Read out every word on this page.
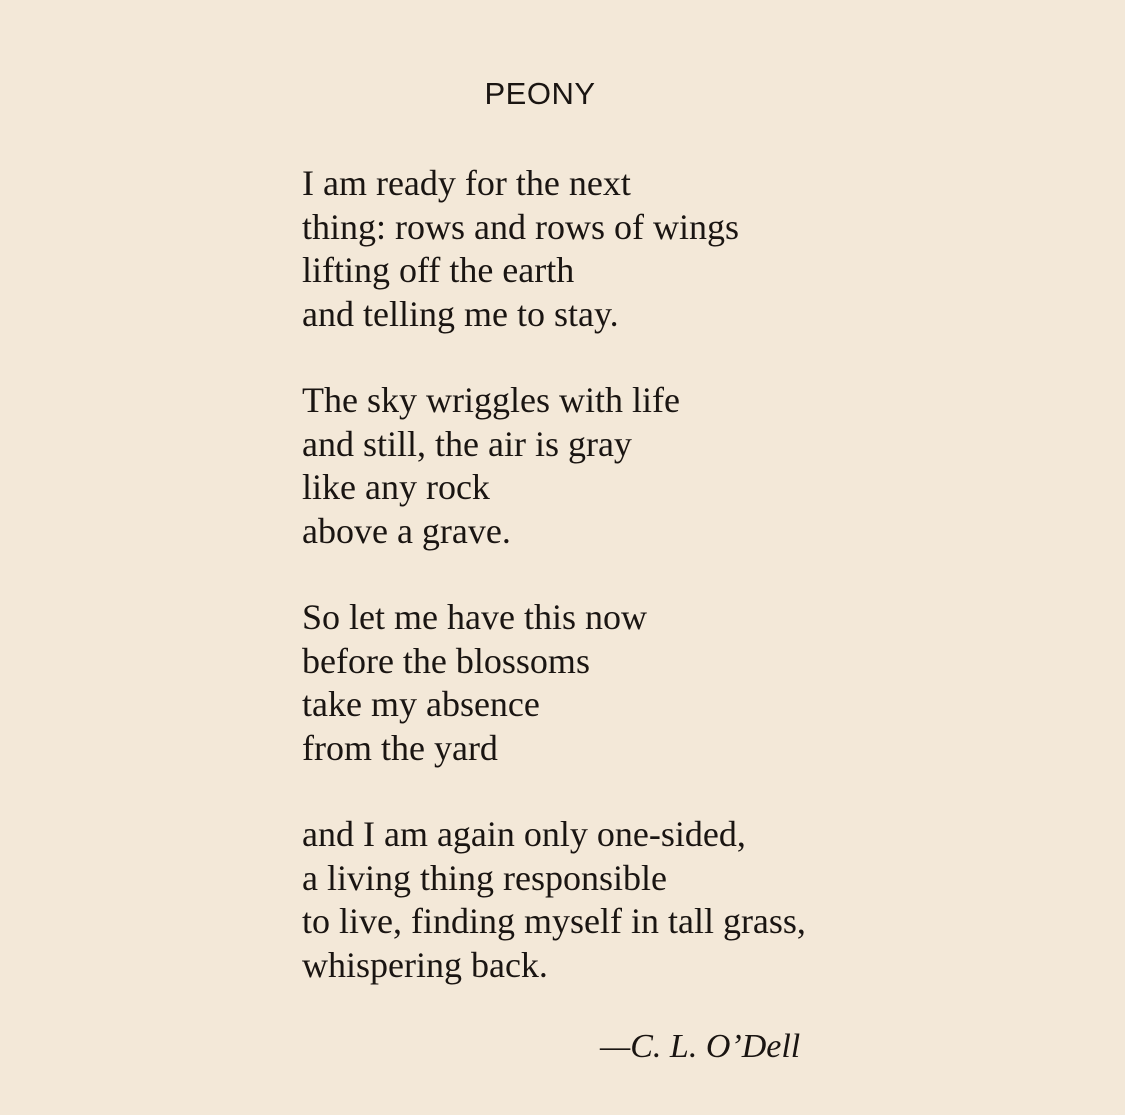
PEONY
I am ready for the next
thing: rows and rows of wings
lifting off the earth
and telling me to stay.
The sky wriggles with life
and still, the air is gray
like any rock
above a grave.
So let me have this now
before the blossoms
take my absence
from the yard
and I am again only one-sided,
a living thing responsible
to live, finding myself in tall grass,
whispering back.
—C. L. O’Dell
